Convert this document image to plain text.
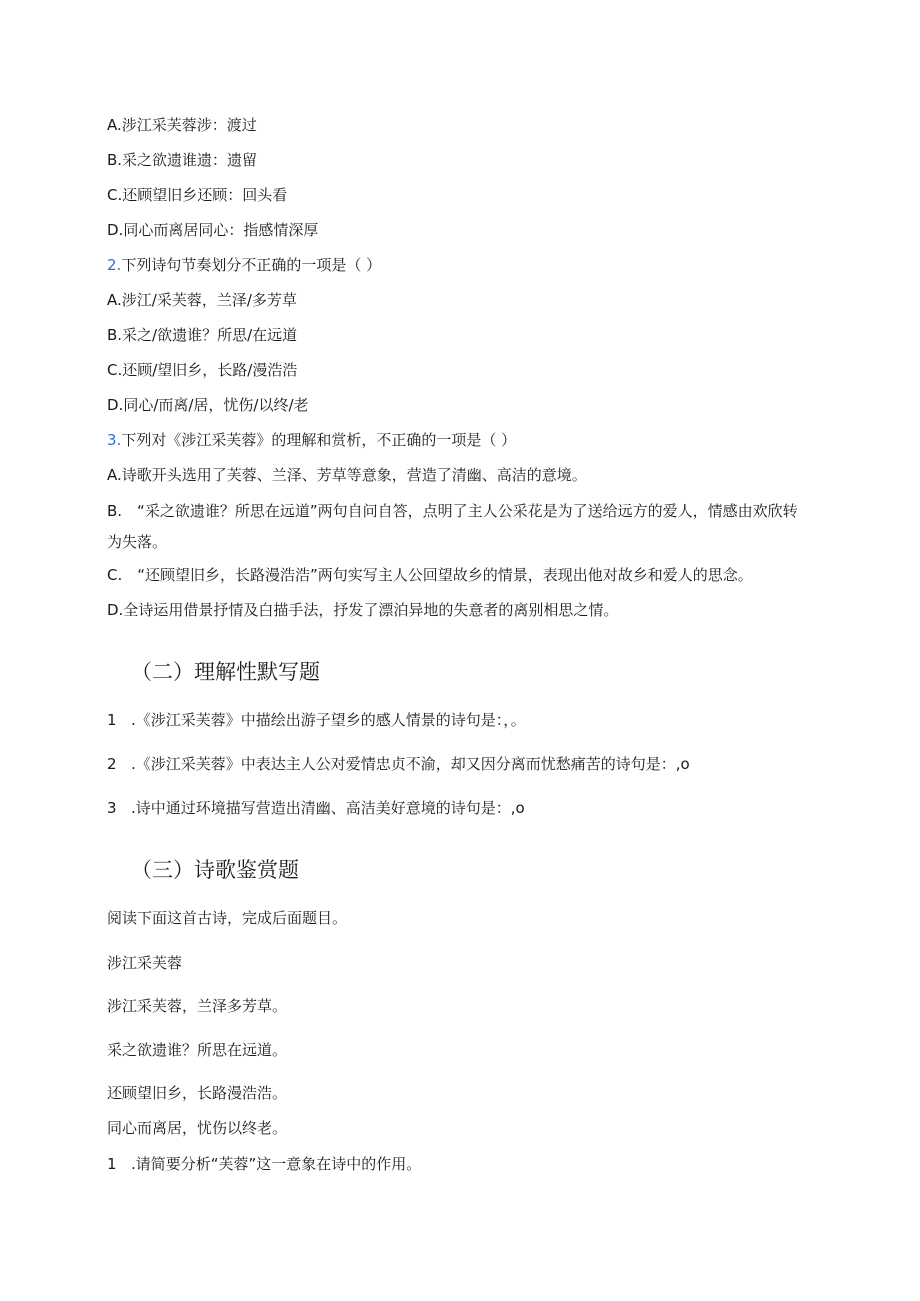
A.涉江采芙蓉涉：渡过

B.采之欲遗谁遗：遗留

C.还顾望旧乡还顾：回头看

D.同心而离居同心：指感情深厚

2.下列诗句节奏划分不正确的一项是（ ）

A.涉江/采芙蓉，兰泽/多芳草

B.采之/欲遗谁？所思/在远道

C.还顾/望旧乡，长路/漫浩浩

D.同心/而离/居，忧伤/以终/老

3.下列对《涉江采芙蓉》的理解和赏析，不正确的一项是（ ）

A.诗歌开头选用了芙蓉、兰泽、芳草等意象，营造了清幽、高洁的意境。

B.　“采之欲遗谁？所思在远道”两句自问自答，点明了主人公采花是为了送给远方的爱人，情感由欢欣转为失落。

C.　“还顾望旧乡，长路漫浩浩”两句实写主人公回望故乡的情景，表现出他对故乡和爱人的思念。

D.全诗运用借景抒情及白描手法，抒发了漂泊异地的失意者的离别相思之情。

（二）理解性默写题

1 .《涉江采芙蓉》中描绘出游子望乡的感人情景的诗句是：，。

2 .《涉江采芙蓉》中表达主人公对爱情忠贞不渝，却又因分离而忧愁痛苦的诗句是：,o

3 .诗中通过环境描写营造出清幽、高洁美好意境的诗句是：,o

（三）诗歌鉴赏题

阅读下面这首古诗，完成后面题目。

涉江采芙蓉

涉江采芙蓉，兰泽多芳草。

采之欲遗谁？所思在远道。

还顾望旧乡，长路漫浩浩。

同心而离居，忧伤以终老。

1 .请简要分析“芙蓉”这一意象在诗中的作用。
